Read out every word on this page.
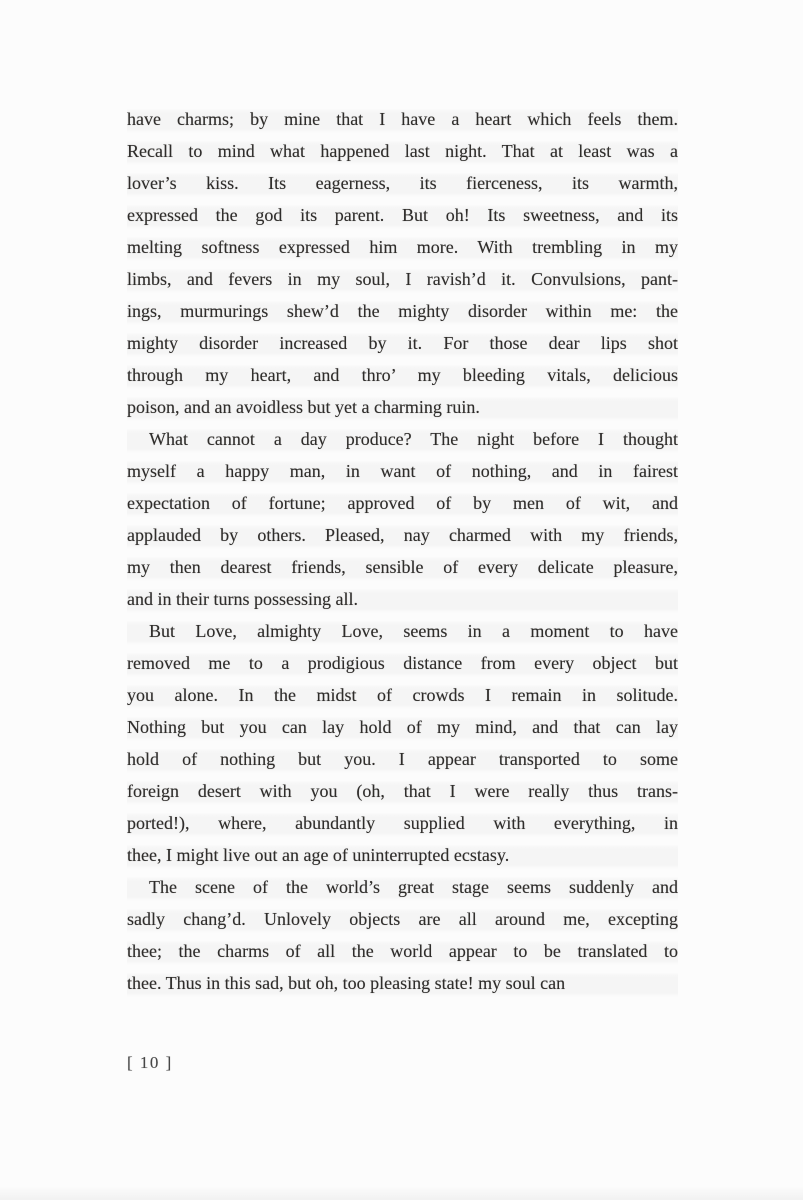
have charms; by mine that I have a heart which feels them.
Recall to mind what happened last night. That at least was a
lover’s kiss. Its eagerness, its fierceness, its warmth,
expressed the god its parent. But oh! Its sweetness, and its
melting softness expressed him more. With trembling in my
limbs, and fevers in my soul, I ravish’d it. Convulsions, pant-
ings, murmurings shew’d the mighty disorder within me: the
mighty disorder increased by it. For those dear lips shot
through my heart, and thro’ my bleeding vitals, delicious
poison, and an avoidless but yet a charming ruin.
What cannot a day produce? The night before I thought
myself a happy man, in want of nothing, and in fairest
expectation of fortune; approved of by men of wit, and
applauded by others. Pleased, nay charmed with my friends,
my then dearest friends, sensible of every delicate pleasure,
and in their turns possessing all.
But Love, almighty Love, seems in a moment to have
removed me to a prodigious distance from every object but
you alone. In the midst of crowds I remain in solitude.
Nothing but you can lay hold of my mind, and that can lay
hold of nothing but you. I appear transported to some
foreign desert with you (oh, that I were really thus trans-
ported!), where, abundantly supplied with everything, in
thee, I might live out an age of uninterrupted ecstasy.
The scene of the world’s great stage seems suddenly and
sadly chang’d. Unlovely objects are all around me, excepting
thee; the charms of all the world appear to be translated to
thee. Thus in this sad, but oh, too pleasing state! my soul can
[ 10 ]
